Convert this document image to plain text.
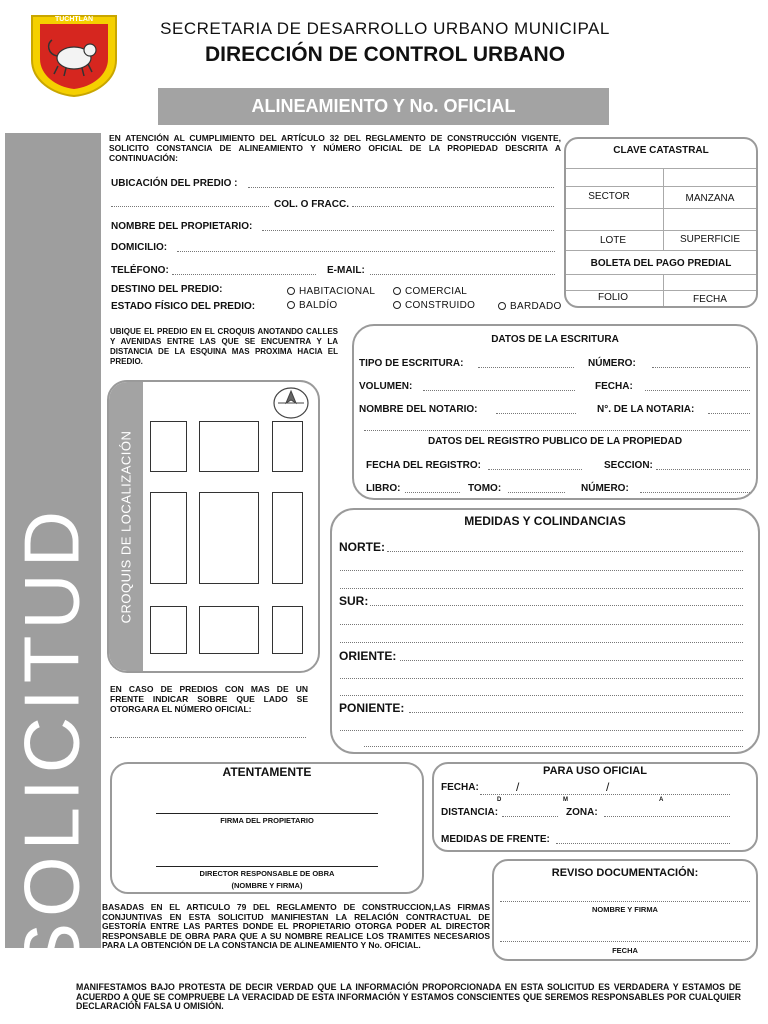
TUCHTLAN	SECRETARIA DE DESARROLLO URBANO MUNICIPAL
DIRECCIÓN DE CONTROL URBANO
ALINEAMIENTO Y No. OFICIAL
SOLICITUD
EN ATENCIÓN AL CUMPLIMIENTO DEL ARTÍCULO 32 DEL REGLAMENTO DE CONSTRUCCIÓN VIGENTE, SOLICITO CONSTANCIA DE ALINEAMIENTO Y NÚMERO OFICIAL DE LA PROPIEDAD DESCRITA A CONTINUACIÓN:
UBICACIÓN DEL PREDIO :
COL. O FRACC.
NOMBRE DEL PROPIETARIO:
DOMICILIO:
TELÉFONO:	E-MAIL:
DESTINO DEL PREDIO:	HABITACIONAL	COMERCIAL
ESTADO FÍSICO DEL PREDIO:	BALDÍO	CONSTRUIDO	BARDADO
CLAVE CATASTRAL
SECTOR	MANZANA
LOTE	SUPERFICIE
BOLETA DEL PAGO PREDIAL
FOLIO	FECHA
UBIQUE EL PREDIO EN EL CROQUIS ANOTANDO CALLES Y AVENIDAS ENTRE LAS QUE SE ENCUENTRA Y LA DISTANCIA DE LA ESQUINA MAS PROXIMA HACIA EL PREDIO.
CROQUIS DE LOCALIZACIÓN
EN CASO DE PREDIOS CON MAS DE UN FRENTE INDICAR SOBRE QUE LADO SE OTORGARA EL NÚMERO OFICIAL:
DATOS DE LA ESCRITURA
TIPO DE ESCRITURA:	NÚMERO:
VOLUMEN:	FECHA:
NOMBRE DEL NOTARIO:	N°. DE LA NOTARIA:
DATOS DEL REGISTRO PUBLICO DE LA PROPIEDAD
FECHA DEL REGISTRO:	SECCION:
LIBRO:	TOMO:	NÚMERO:
MEDIDAS Y COLINDANCIAS
NORTE:
SUR:
ORIENTE:
PONIENTE:
ATENTAMENTE
FIRMA DEL PROPIETARIO
DIRECTOR RESPONSABLE DE OBRA
(NOMBRE Y FIRMA)
PARA USO OFICIAL
FECHA:	/	/
D	M	A
DISTANCIA:	ZONA:
MEDIDAS DE FRENTE:
REVISO DOCUMENTACIÓN:
NOMBRE Y FIRMA
FECHA
BASADAS EN EL ARTICULO 79 DEL REGLAMENTO DE CONSTRUCCION,LAS FIRMAS CONJUNTIVAS EN ESTA SOLICITUD MANIFIESTAN LA RELACIÓN CONTRACTUAL DE GESTORÍA ENTRE LAS PARTES DONDE EL PROPIETARIO OTORGA PODER AL DIRECTOR RESPONSABLE DE OBRA PARA QUE A SU NOMBRE REALICE LOS TRAMITES NECESARIOS PARA LA OBTENCIÓN DE LA CONSTANCIA DE ALINEAMIENTO Y No. OFICIAL.
MANIFESTAMOS BAJO PROTESTA DE DECIR VERDAD QUE LA INFORMACIÓN PROPORCIONADA EN ESTA SOLICITUD ES VERDADERA Y ESTAMOS DE ACUERDO A QUE SE COMPRUEBE LA VERACIDAD DE ESTA INFORMACIÓN Y ESTAMOS CONSCIENTES QUE SEREMOS RESPONSABLES POR CUALQUIER DECLARACIÓN FALSA U OMISIÓN.
